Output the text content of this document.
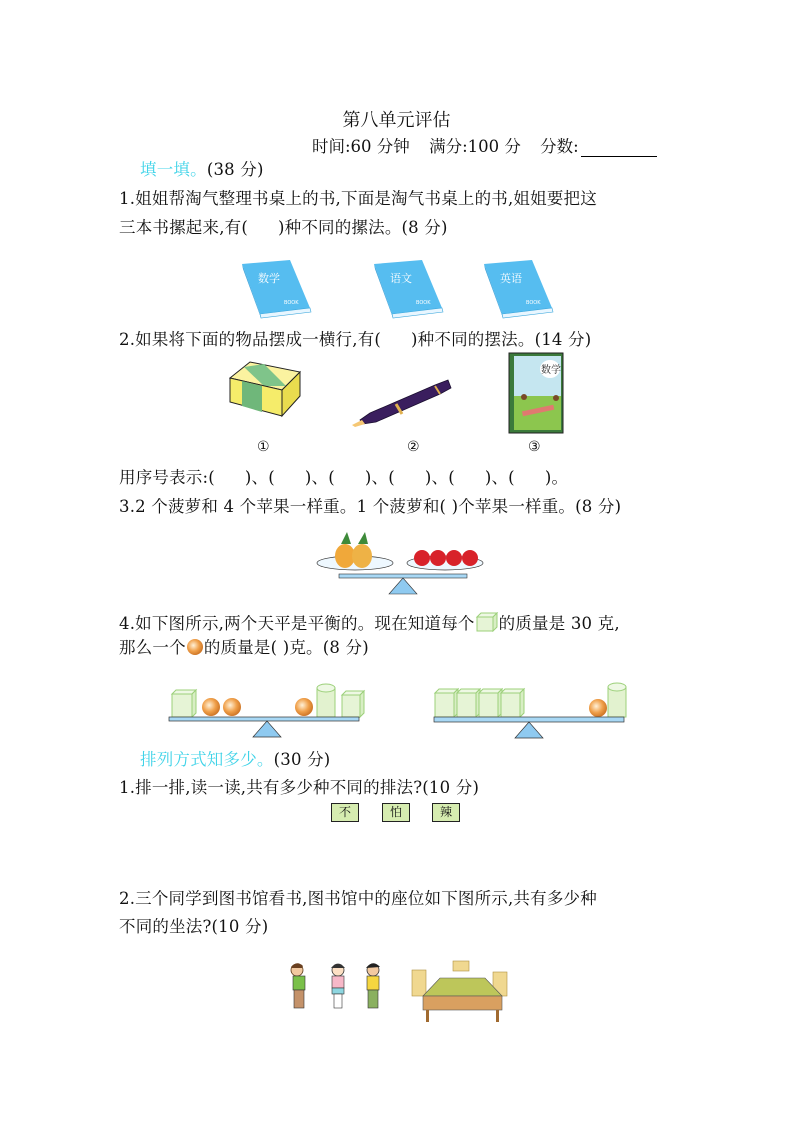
第八单元评估
时间:60 分钟 满分:100 分 分数:
填一填。(38 分)
1.姐姐帮淘气整理书桌上的书,下面是淘气书桌上的书,姐姐要把这
三本书摞起来,有( )种不同的摞法。(8 分)
数学
BOOK
语文
BOOK
英语
BOOK
2.如果将下面的物品摆成一横行,有( )种不同的摆法。(14 分)
数学
①	②	③
用序号表示:( )、( )、( )、( )、( )、( )。
3.2 个菠萝和 4 个苹果一样重。1 个菠萝和( )个苹果一样重。(8 分)
4.如下图所示,两个天平是平衡的。现在知道每个 的质量是 30 克,
那么一个 的质量是( )克。(8 分)
排列方式知多少。(30 分)
1.排一排,读一读,共有多少种不同的排法?(10 分)
不	怕	辣
2.三个同学到图书馆看书,图书馆中的座位如下图所示,共有多少种
不同的坐法?(10 分)
